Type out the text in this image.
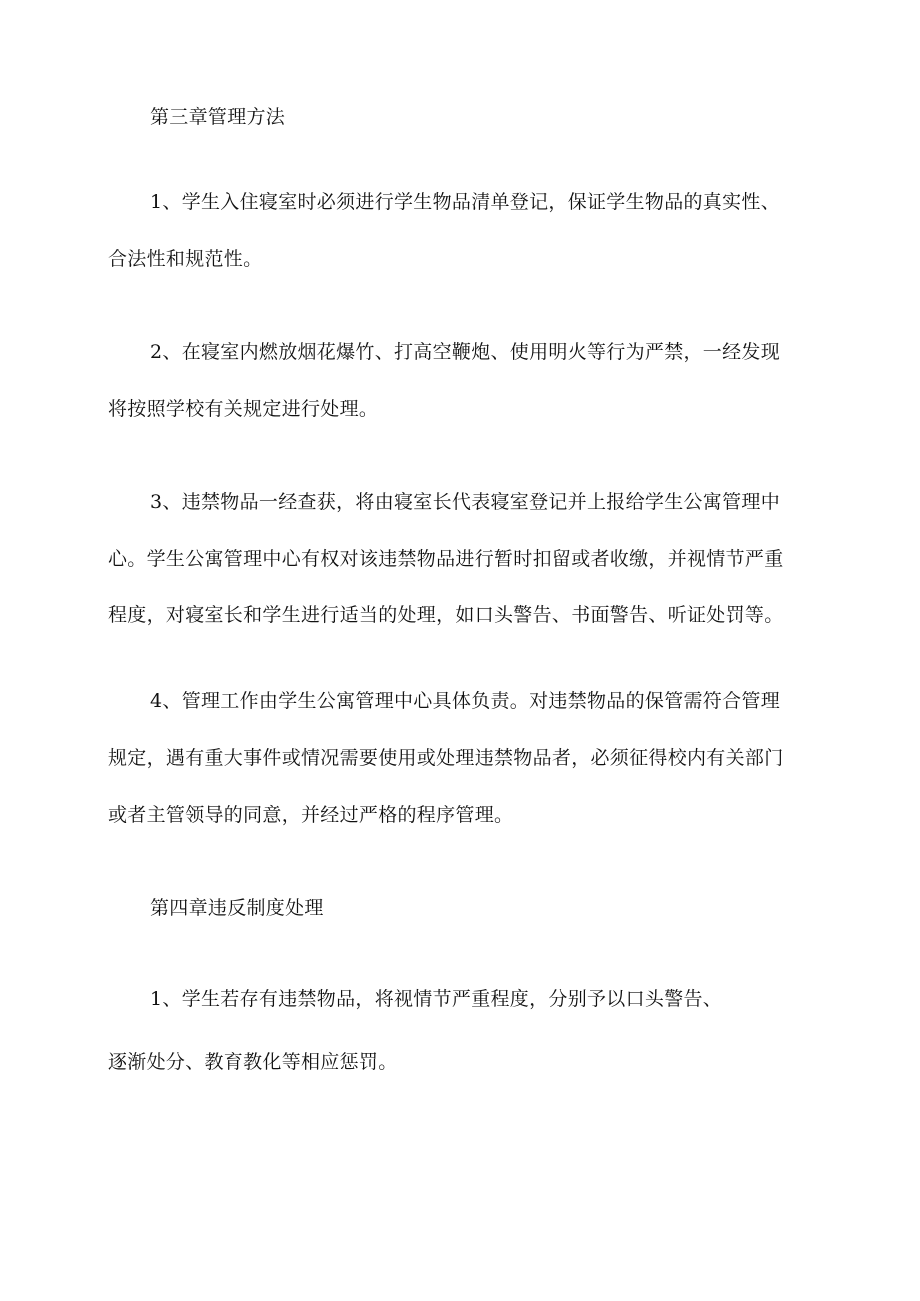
第三章管理方法

1、学生入住寝室时必须进行学生物品清单登记，保证学生物品的真实性、

合法性和规范性。

2、在寝室内燃放烟花爆竹、打高空鞭炮、使用明火等行为严禁，一经发现

将按照学校有关规定进行处理。

3、违禁物品一经查获，将由寝室长代表寝室登记并上报给学生公寓管理中

心。学生公寓管理中心有权对该违禁物品进行暂时扣留或者收缴，并视情节严重

程度，对寝室长和学生进行适当的处理，如口头警告、书面警告、听证处罚等。

4、管理工作由学生公寓管理中心具体负责。对违禁物品的保管需符合管理

规定，遇有重大事件或情况需要使用或处理违禁物品者，必须征得校内有关部门

或者主管领导的同意，并经过严格的程序管理。

第四章违反制度处理

1、学生若存有违禁物品，将视情节严重程度，分别予以口头警告、

逐渐处分、教育教化等相应惩罚。
